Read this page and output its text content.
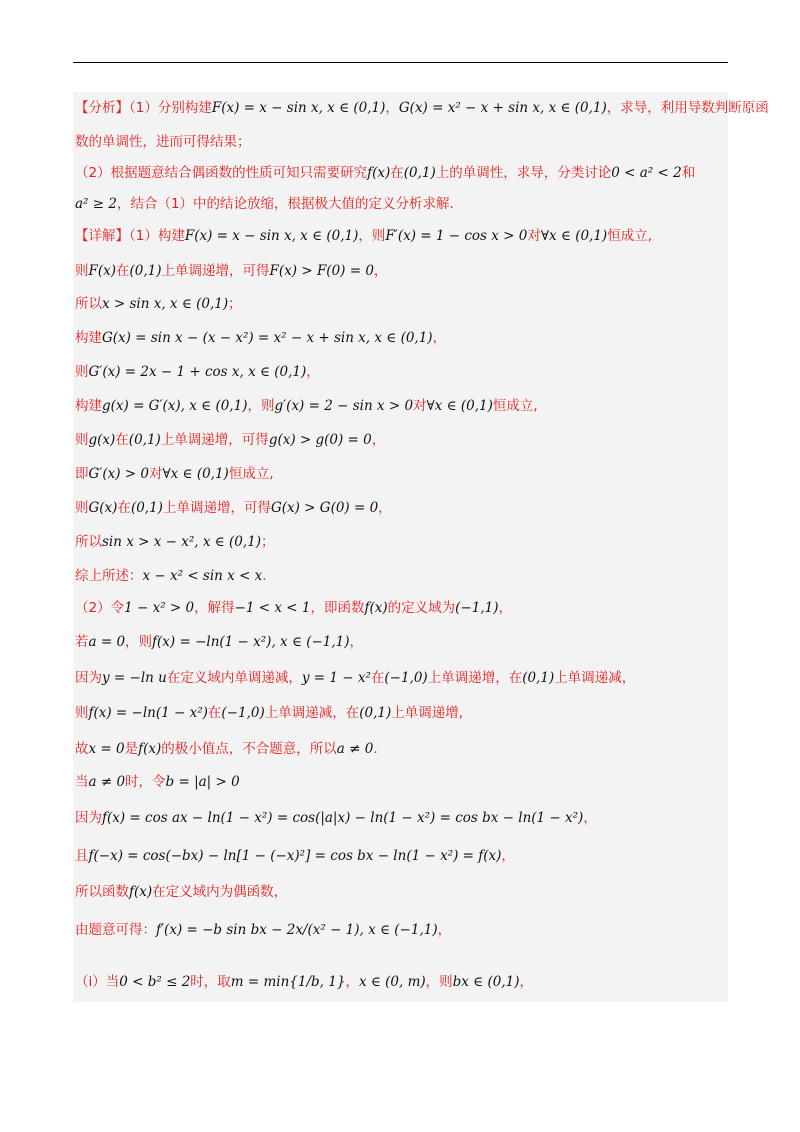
【分析】（1）分别构建F(x) = x − sin x, x ∈ (0,1)，G(x) = x² − x + sin x, x ∈ (0,1)，求导，利用导数判断原函

数的单调性，进而可得结果；

（2）根据题意结合偶函数的性质可知只需要研究f(x)在(0,1)上的单调性，求导，分类讨论0 < a² < 2和

a² ≥ 2，结合（1）中的结论放缩，根据极大值的定义分析求解.

【详解】（1）构建F(x) = x − sin x, x ∈ (0,1)，则F′(x) = 1 − cos x > 0对∀x ∈ (0,1)恒成立,

则F(x)在(0,1)上单调递增，可得F(x) > F(0) = 0，

所以x > sin x, x ∈ (0,1)；

构建G(x) = sin x − (x − x²) = x² − x + sin x, x ∈ (0,1)，

则G′(x) = 2x − 1 + cos x, x ∈ (0,1)，

构建g(x) = G′(x), x ∈ (0,1)，则g′(x) = 2 − sin x > 0对∀x ∈ (0,1)恒成立,

则g(x)在(0,1)上单调递增，可得g(x) > g(0) = 0，

即G′(x) > 0对∀x ∈ (0,1)恒成立,

则G(x)在(0,1)上单调递增，可得G(x) > G(0) = 0，

所以sin x > x − x², x ∈ (0,1)；

综上所述：x − x² < sin x < x.

（2）令1 − x² > 0，解得−1 < x < 1，即函数f(x)的定义域为(−1,1)，

若a = 0，则f(x) = −ln(1 − x²), x ∈ (−1,1)，

因为y = −ln u在定义域内单调递减，y = 1 − x²在(−1,0)上单调递增，在(0,1)上单调递减，

则f(x) = −ln(1 − x²)在(−1,0)上单调递减，在(0,1)上单调递增,

故x = 0是f(x)的极小值点，不合题意，所以a ≠ 0.

当a ≠ 0时，令b = |a| > 0

因为f(x) = cos ax − ln(1 − x²) = cos(|a|x) − ln(1 − x²) = cos bx − ln(1 − x²)，

且f(−x) = cos(−bx) − ln[1 − (−x)²] = cos bx − ln(1 − x²) = f(x)，

所以函数f(x)在定义域内为偶函数，

由题意可得：f′(x) = −b sin bx − 2x/(x² − 1), x ∈ (−1,1)，

（i）当0 < b² ≤ 2时，取m = min{1/b, 1}，x ∈ (0, m)，则bx ∈ (0,1)，
